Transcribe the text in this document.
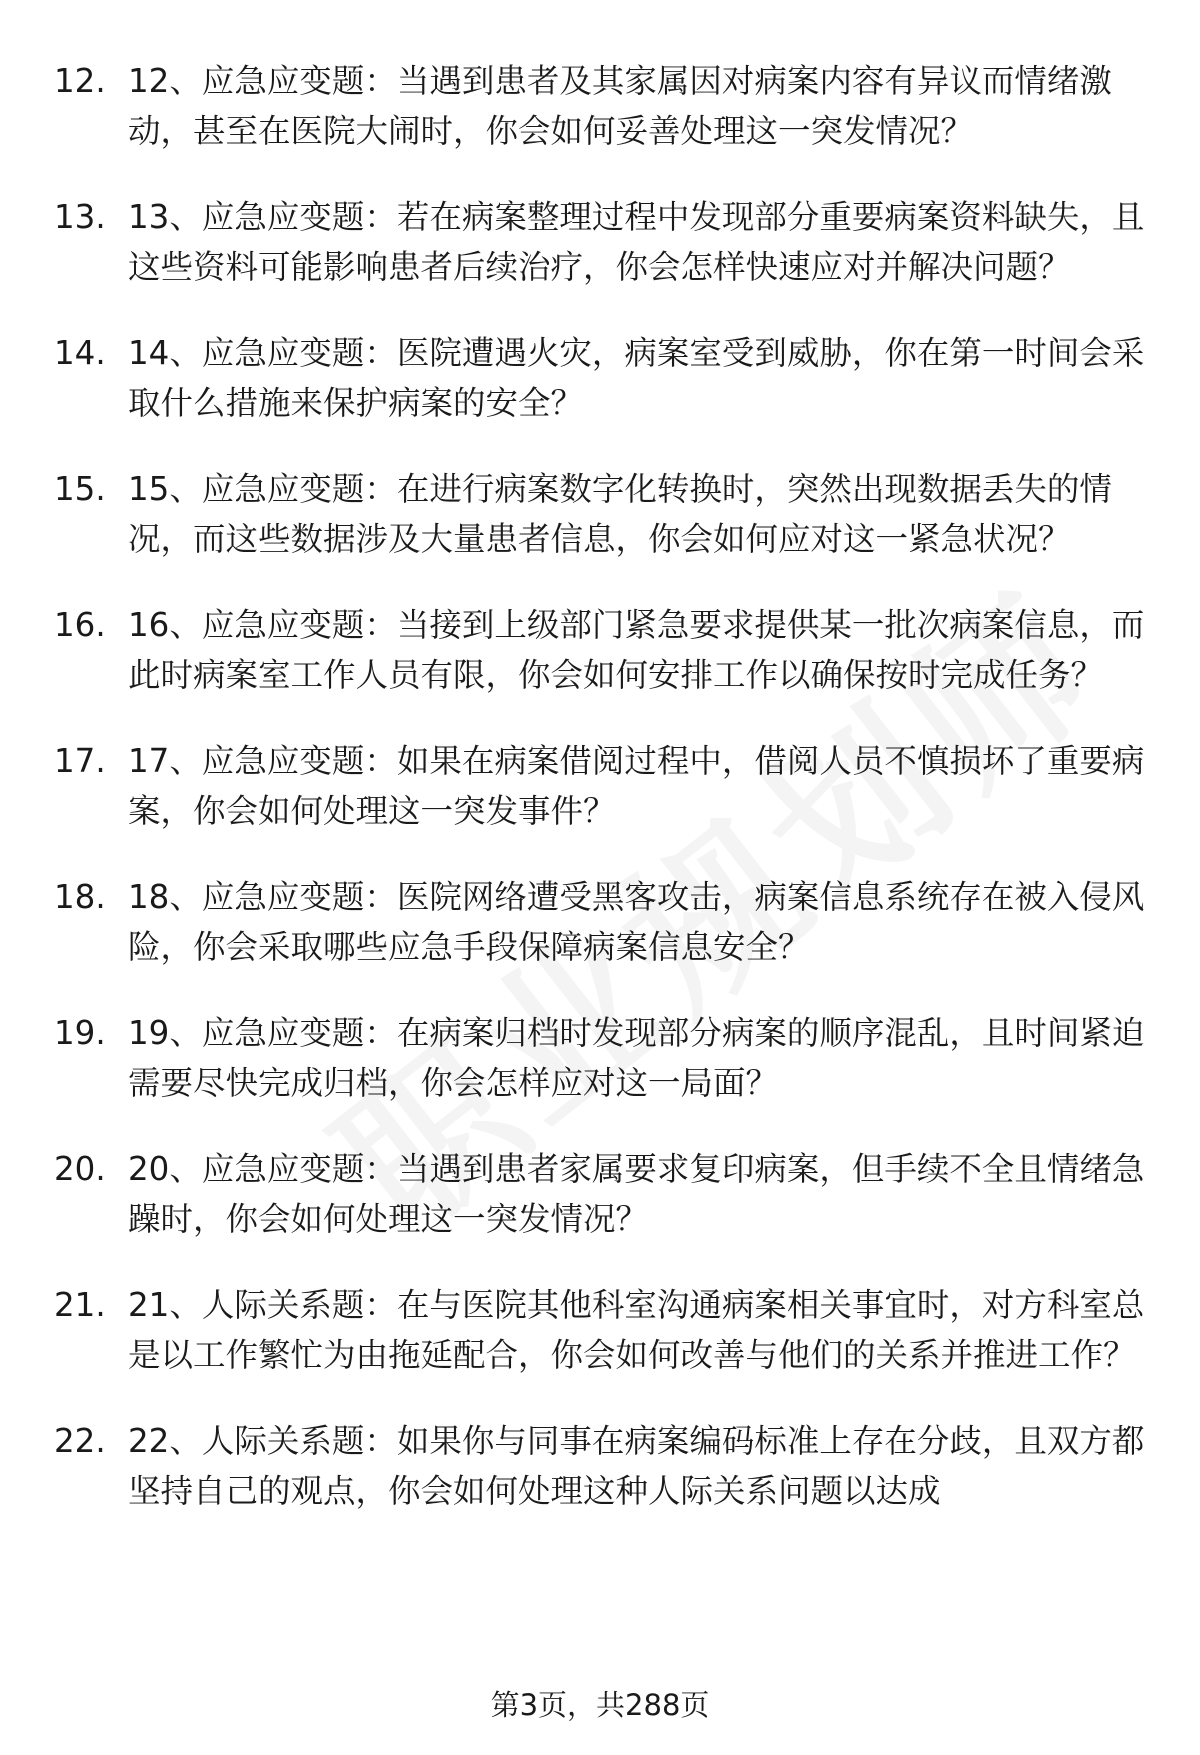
12. 12、应急应变题：当遇到患者及其家属因对病案内容有异议而情绪激动，甚至在医院大闹时，你会如何妥善处理这一突发情况？
13. 13、应急应变题：若在病案整理过程中发现部分重要病案资料缺失，且这些资料可能影响患者后续治疗，你会怎样快速应对并解决问题？
14. 14、应急应变题：医院遭遇火灾，病案室受到威胁，你在第一时间会采取什么措施来保护病案的安全？
15. 15、应急应变题：在进行病案数字化转换时，突然出现数据丢失的情况，而这些数据涉及大量患者信息，你会如何应对这一紧急状况？
16. 16、应急应变题：当接到上级部门紧急要求提供某一批次病案信息，而此时病案室工作人员有限，你会如何安排工作以确保按时完成任务？
17. 17、应急应变题：如果在病案借阅过程中，借阅人员不慎损坏了重要病案，你会如何处理这一突发事件？
18. 18、应急应变题：医院网络遭受黑客攻击，病案信息系统存在被入侵风险，你会采取哪些应急手段保障病案信息安全？
19. 19、应急应变题：在病案归档时发现部分病案的顺序混乱，且时间紧迫需要尽快完成归档，你会怎样应对这一局面？
20. 20、应急应变题：当遇到患者家属要求复印病案，但手续不全且情绪急躁时，你会如何处理这一突发情况？
21. 21、人际关系题：在与医院其他科室沟通病案相关事宜时，对方科室总是以工作繁忙为由拖延配合，你会如何改善与他们的关系并推进工作？
22. 22、人际关系题：如果你与同事在病案编码标准上存在分歧，且双方都坚持自己的观点，你会如何处理这种人际关系问题以达成
第3页，共288页
